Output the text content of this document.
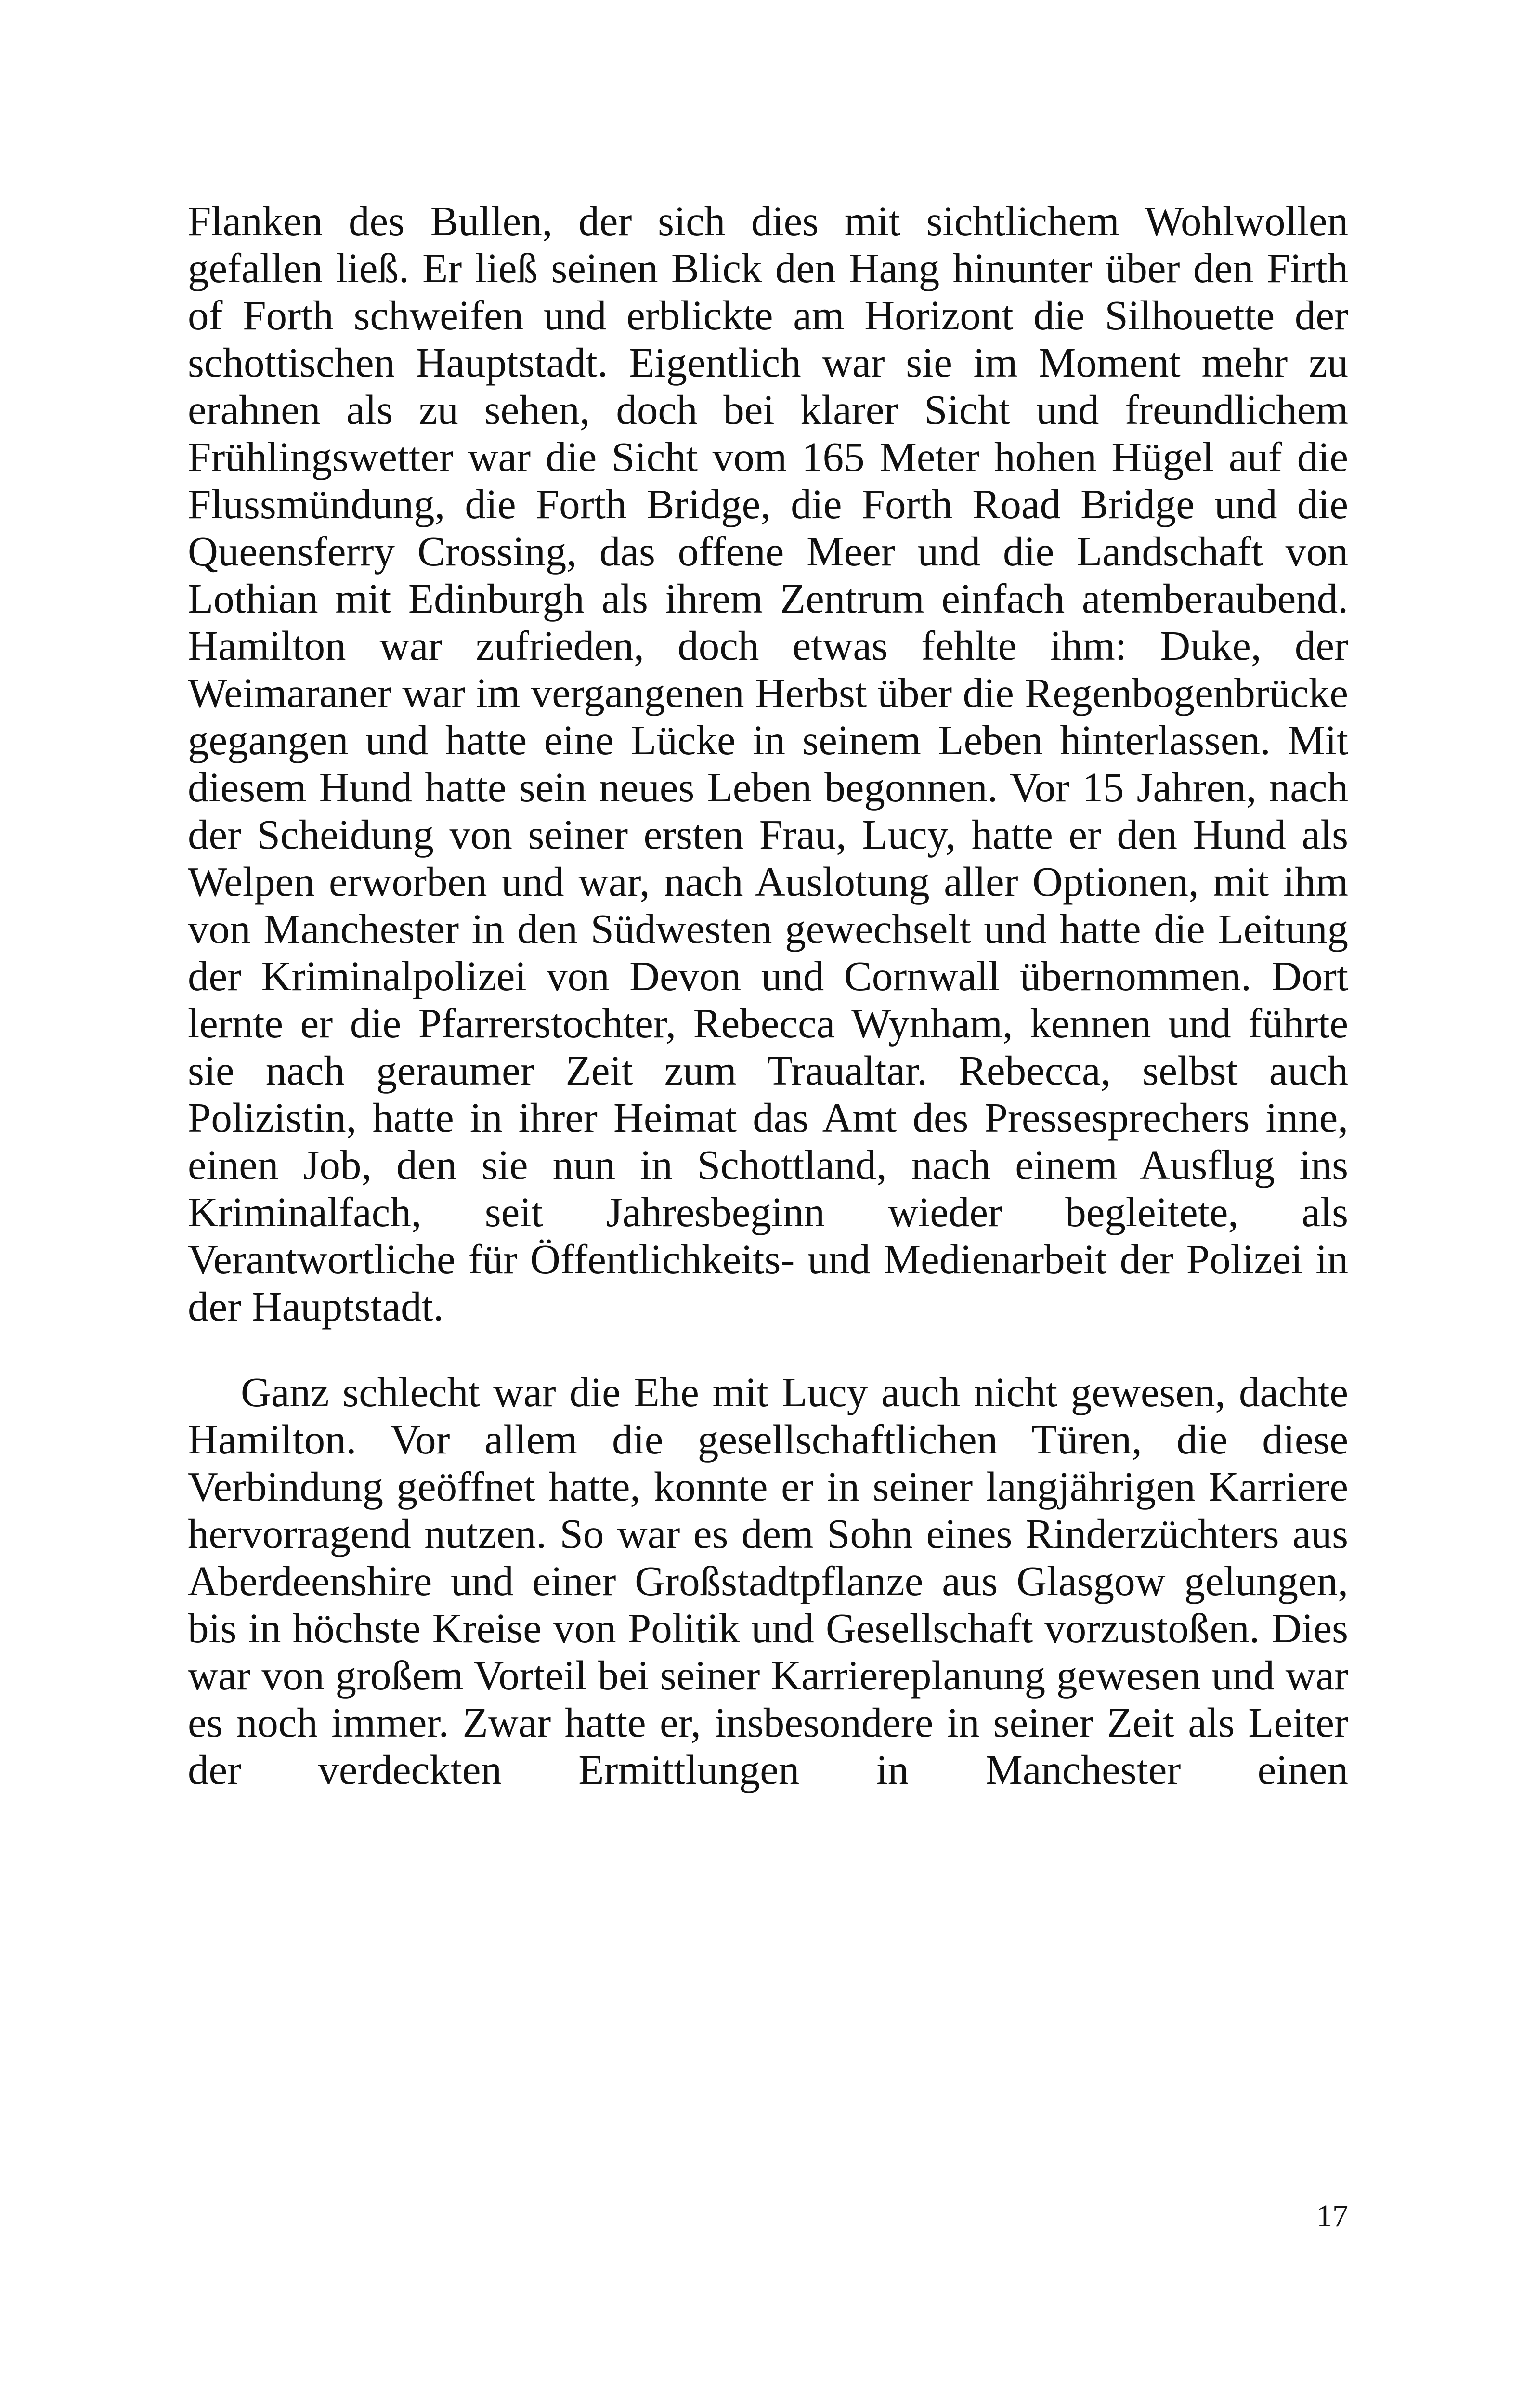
Flanken des Bullen, der sich dies mit sichtlichem Wohlwollen gefallen ließ. Er ließ seinen Blick den Hang hinunter über den Firth of Forth schweifen und erblickte am Horizont die Silhouette der schottischen Hauptstadt. Eigentlich war sie im Moment mehr zu erahnen als zu sehen, doch bei klarer Sicht und freundlichem Frühlingswetter war die Sicht vom 165 Meter hohen Hügel auf die Flussmündung, die Forth Bridge, die Forth Road Bridge und die Queensferry Crossing, das offene Meer und die Landschaft von Lothian mit Edinburgh als ihrem Zentrum einfach atemberaubend. Hamilton war zufrieden, doch etwas fehlte ihm: Duke, der Weimaraner war im vergangenen Herbst über die Regenbogenbrücke gegangen und hatte eine Lücke in seinem Leben hinterlassen. Mit diesem Hund hatte sein neues Leben begonnen. Vor 15 Jahren, nach der Scheidung von seiner ersten Frau, Lucy, hatte er den Hund als Welpen erworben und war, nach Auslotung aller Optionen, mit ihm von Manchester in den Südwesten gewechselt und hatte die Leitung der Kriminalpolizei von Devon und Cornwall übernommen. Dort lernte er die Pfarrerstochter, Rebecca Wynham, kennen und führte sie nach geraumer Zeit zum Traualtar. Rebecca, selbst auch Polizistin, hatte in ihrer Heimat das Amt des Pressesprechers inne, einen Job, den sie nun in Schottland, nach einem Ausflug ins Kriminalfach, seit Jahresbeginn wieder begleitete, als Verantwortliche für Öffentlichkeits- und Medienarbeit der Polizei in der Hauptstadt.

Ganz schlecht war die Ehe mit Lucy auch nicht gewesen, dachte Hamilton. Vor allem die gesellschaftlichen Türen, die diese Verbindung geöffnet hatte, konnte er in seiner langjährigen Karriere hervorragend nutzen. So war es dem Sohn eines Rinderzüchters aus Aberdeenshire und einer Großstadtpflanze aus Glasgow gelungen, bis in höchste Kreise von Politik und Gesellschaft vorzustoßen. Dies war von großem Vorteil bei seiner Karriereplanung gewesen und war es noch immer. Zwar hatte er, insbesondere in seiner Zeit als Leiter der verdeckten Ermittlungen in Manchester einen

17
